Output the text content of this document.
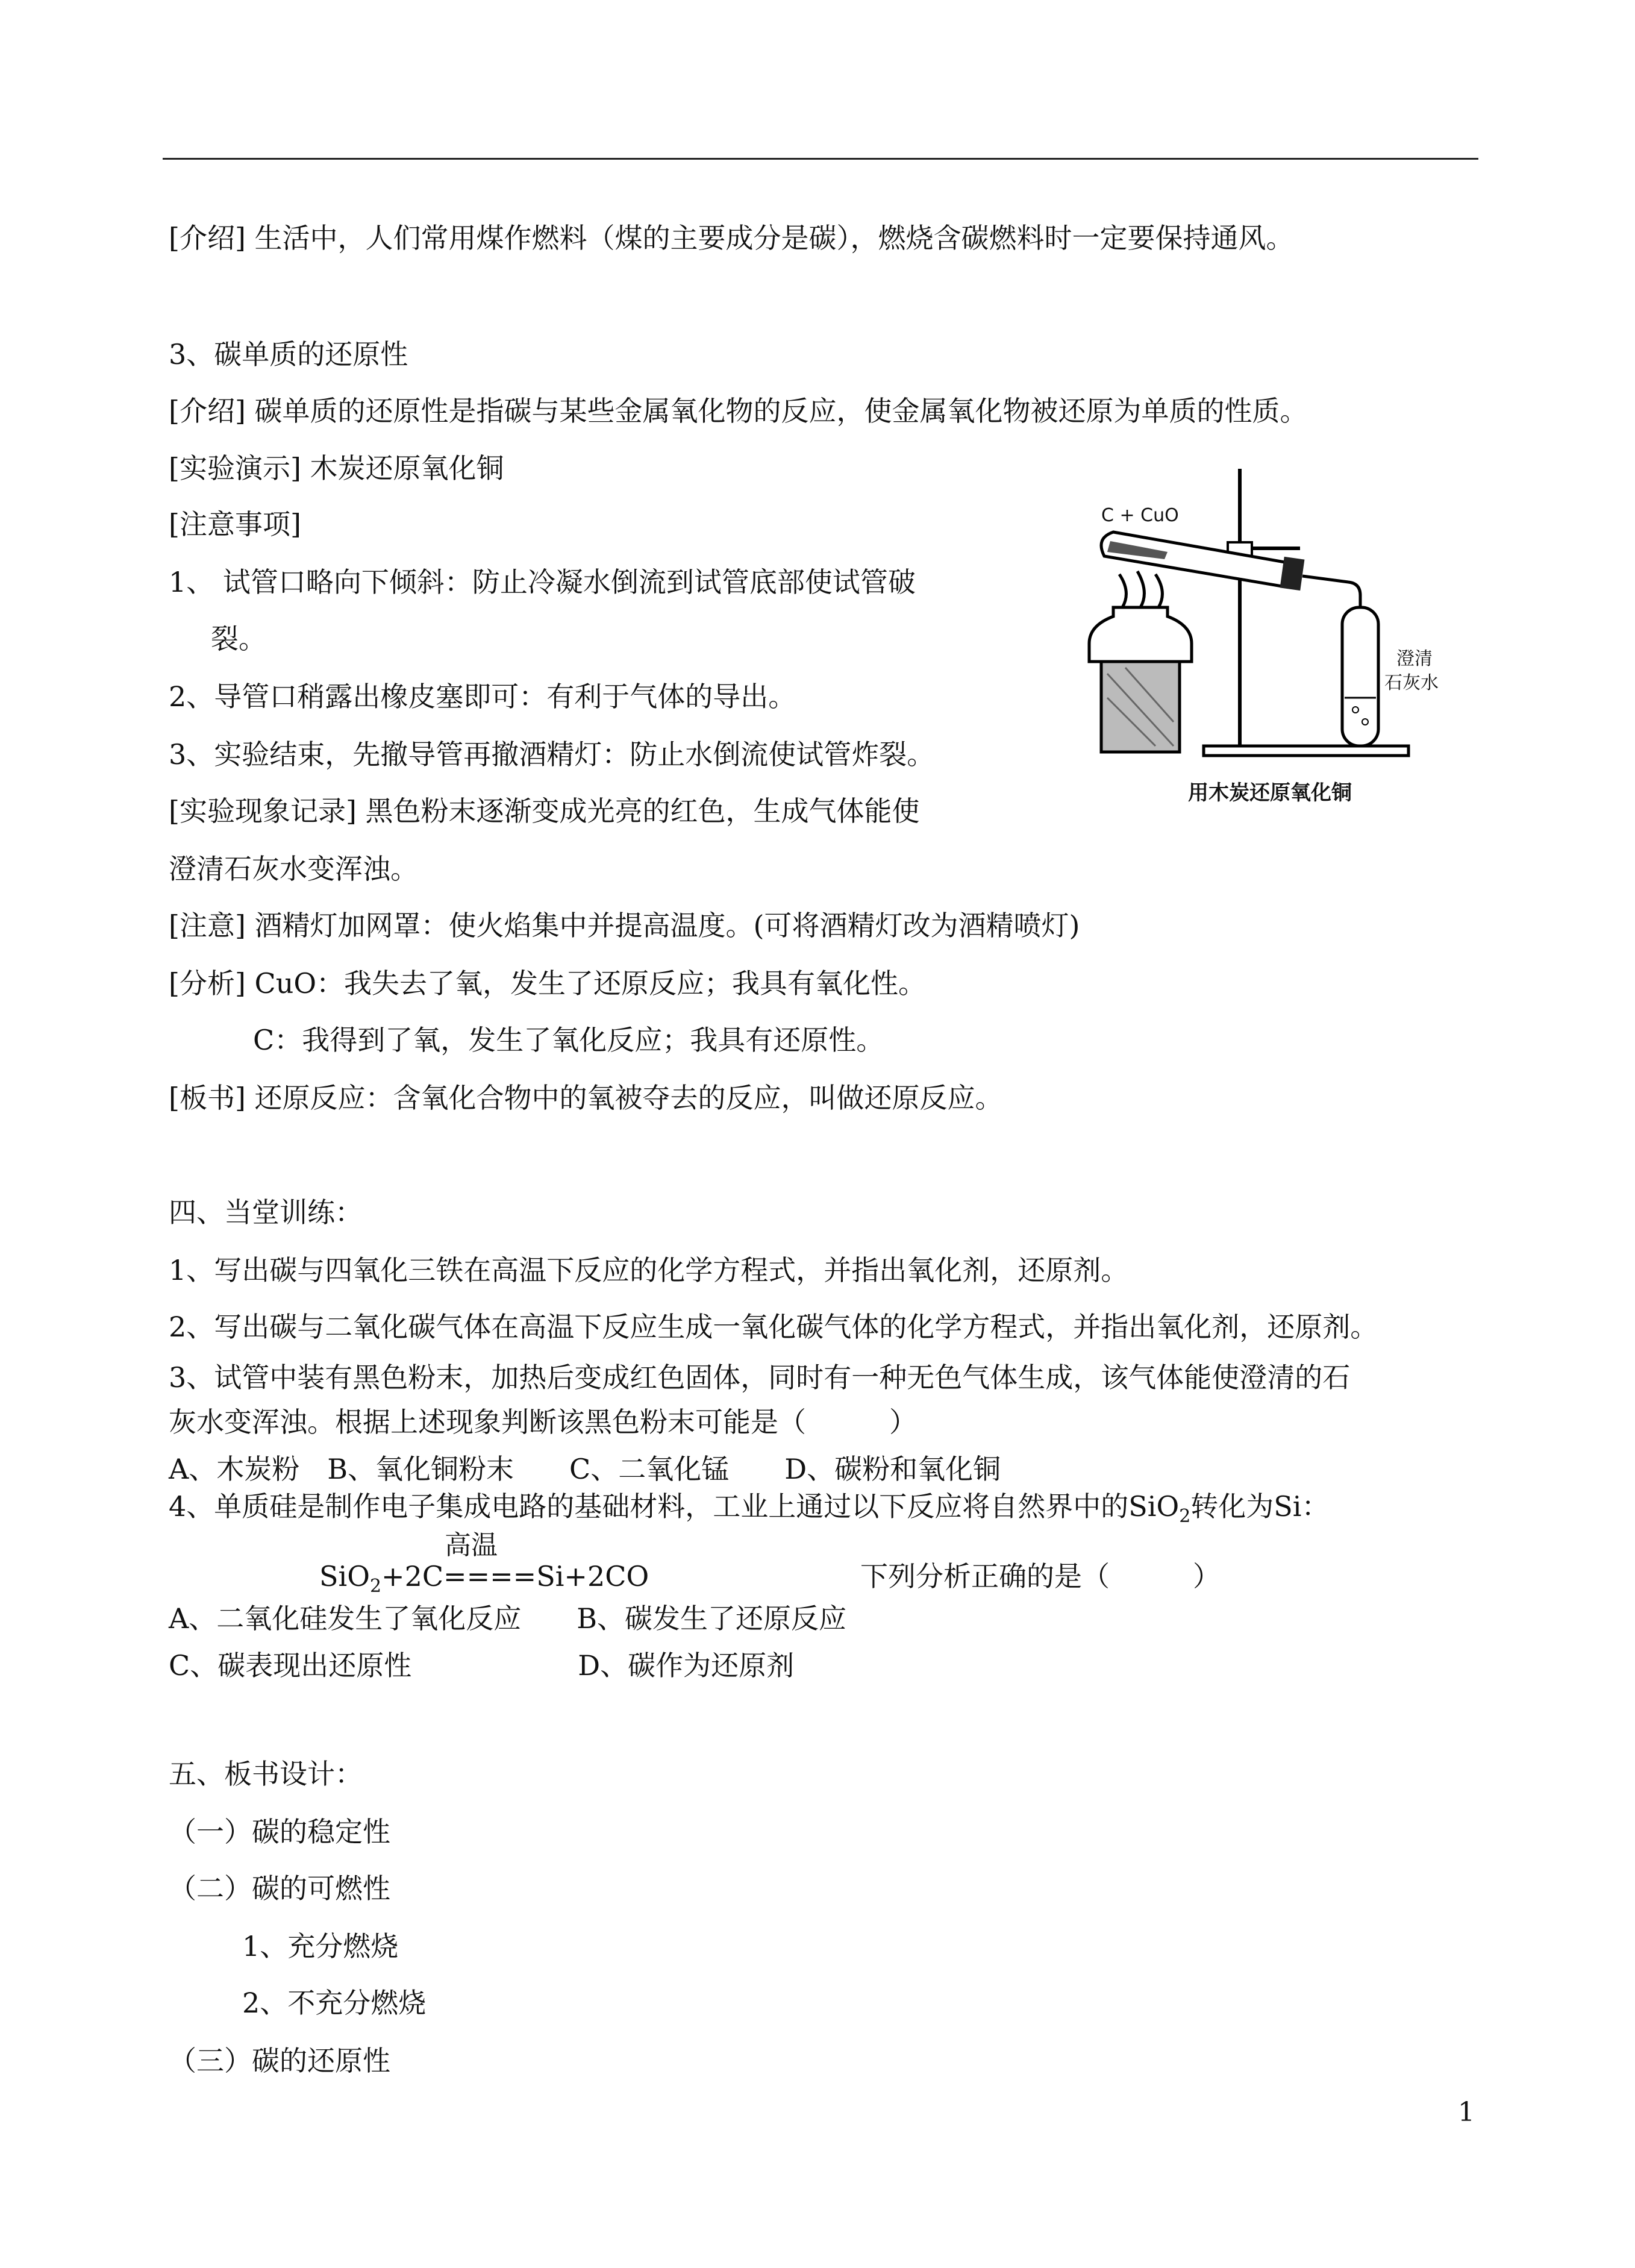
[介绍] 生活中，人们常用煤作燃料（煤的主要成分是碳），燃烧含碳燃料时一定要保持通风。
3、碳单质的还原性
[介绍] 碳单质的还原性是指碳与某些金属氧化物的反应，使金属氧化物被还原为单质的性质。
[实验演示] 木炭还原氧化铜
[注意事项]
1、 试管口略向下倾斜：防止冷凝水倒流到试管底部使试管破
裂。
2、导管口稍露出橡皮塞即可：有利于气体的导出。
3、实验结束，先撤导管再撤酒精灯：防止水倒流使试管炸裂。
[实验现象记录] 黑色粉末逐渐变成光亮的红色，生成气体能使
澄清石灰水变浑浊。
[注意] 酒精灯加网罩：使火焰集中并提高温度。(可将酒精灯改为酒精喷灯)
[分析] CuO：我失去了氧，发生了还原反应；我具有氧化性。
C：我得到了氧，发生了氧化反应；我具有还原性。
[板书] 还原反应：含氧化合物中的氧被夺去的反应，叫做还原反应。
四、当堂训练：
1、写出碳与四氧化三铁在高温下反应的化学方程式，并指出氧化剂，还原剂。
2、写出碳与二氧化碳气体在高温下反应生成一氧化碳气体的化学方程式，并指出氧化剂，还原剂。
3、试管中装有黑色粉末，加热后变成红色固体，同时有一种无色气体生成，该气体能使澄清的石
灰水变浑浊。根据上述现象判断该黑色粉末可能是（　　　）
A、木炭粉　B、氧化铜粉末　　C、二氧化锰　　D、碳粉和氧化铜
4、单质硅是制作电子集成电路的基础材料，工业上通过以下反应将自然界中的SiO$_2$转化为Si：
高温
SiO$_2$+2C====Si+2CO	下列分析正确的是（　　　）
A、二氧化硅发生了氧化反应　　B、碳发生了还原反应
C、碳表现出还原性　　　　　　D、碳作为还原剂
五、板书设计：
（一）碳的稳定性
（二）碳的可燃性
1、充分燃烧
2、不充分燃烧
（三）碳的还原性
C + CuO
澄清
石灰水
用木炭还原氧化铜
1
